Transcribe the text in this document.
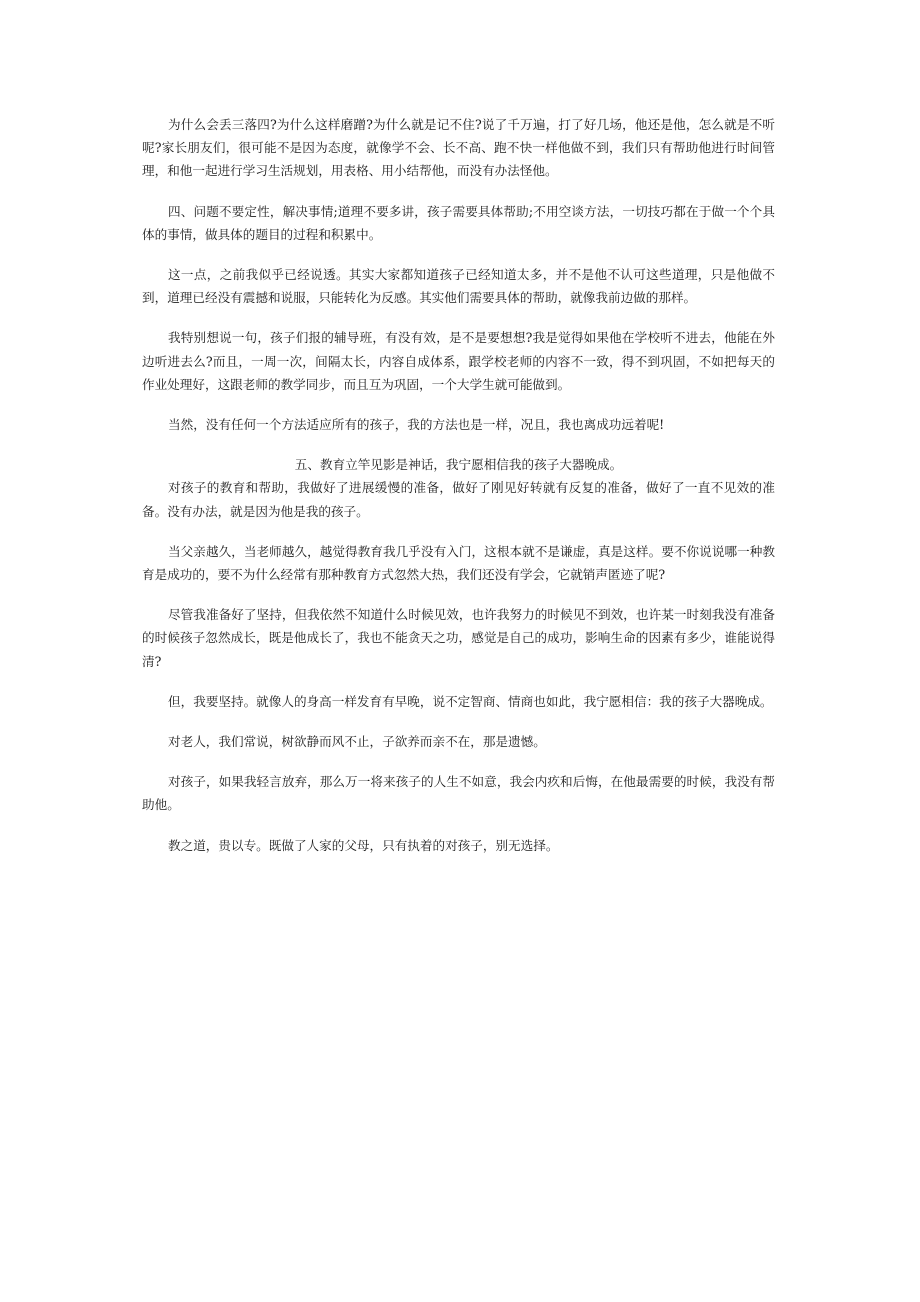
为什么会丢三落四?为什么这样磨蹭?为什么就是记不住?说了千万遍，打了好几场，他还是他，怎么就是不听呢?家长朋友们，很可能不是因为态度，就像学不会、长不高、跑不快一样他做不到，我们只有帮助他进行时间管理，和他一起进行学习生活规划，用表格、用小结帮他，而没有办法怪他。

四、问题不要定性，解决事情;道理不要多讲，孩子需要具体帮助;不用空谈方法，一切技巧都在于做一个个具体的事情，做具体的题目的过程和积累中。

这一点，之前我似乎已经说透。其实大家都知道孩子已经知道太多，并不是他不认可这些道理，只是他做不到，道理已经没有震撼和说服，只能转化为反感。其实他们需要具体的帮助，就像我前边做的那样。

我特别想说一句，孩子们报的辅导班，有没有效，是不是要想想?我是觉得如果他在学校听不进去，他能在外边听进去么?而且，一周一次，间隔太长，内容自成体系，跟学校老师的内容不一致，得不到巩固，不如把每天的作业处理好，这跟老师的教学同步，而且互为巩固，一个大学生就可能做到。

当然，没有任何一个方法适应所有的孩子，我的方法也是一样，况且，我也离成功远着呢!

五、教育立竿见影是神话，我宁愿相信我的孩子大器晚成。

对孩子的教育和帮助，我做好了进展缓慢的准备，做好了刚见好转就有反复的准备，做好了一直不见效的准备。没有办法，就是因为他是我的孩子。

当父亲越久，当老师越久，越觉得教育我几乎没有入门，这根本就不是谦虚，真是这样。要不你说说哪一种教育是成功的，要不为什么经常有那种教育方式忽然大热，我们还没有学会，它就销声匿迹了呢?

尽管我准备好了坚持，但我依然不知道什么时候见效，也许我努力的时候见不到效，也许某一时刻我没有准备的时候孩子忽然成长，既是他成长了，我也不能贪天之功，感觉是自己的成功，影响生命的因素有多少，谁能说得清?

但，我要坚持。就像人的身高一样发育有早晚，说不定智商、情商也如此，我宁愿相信：我的孩子大器晚成。

对老人，我们常说，树欲静而风不止，子欲养而亲不在，那是遗憾。

对孩子，如果我轻言放弃，那么万一将来孩子的人生不如意，我会内疚和后悔，在他最需要的时候，我没有帮助他。

教之道，贵以专。既做了人家的父母，只有执着的对孩子，别无选择。
